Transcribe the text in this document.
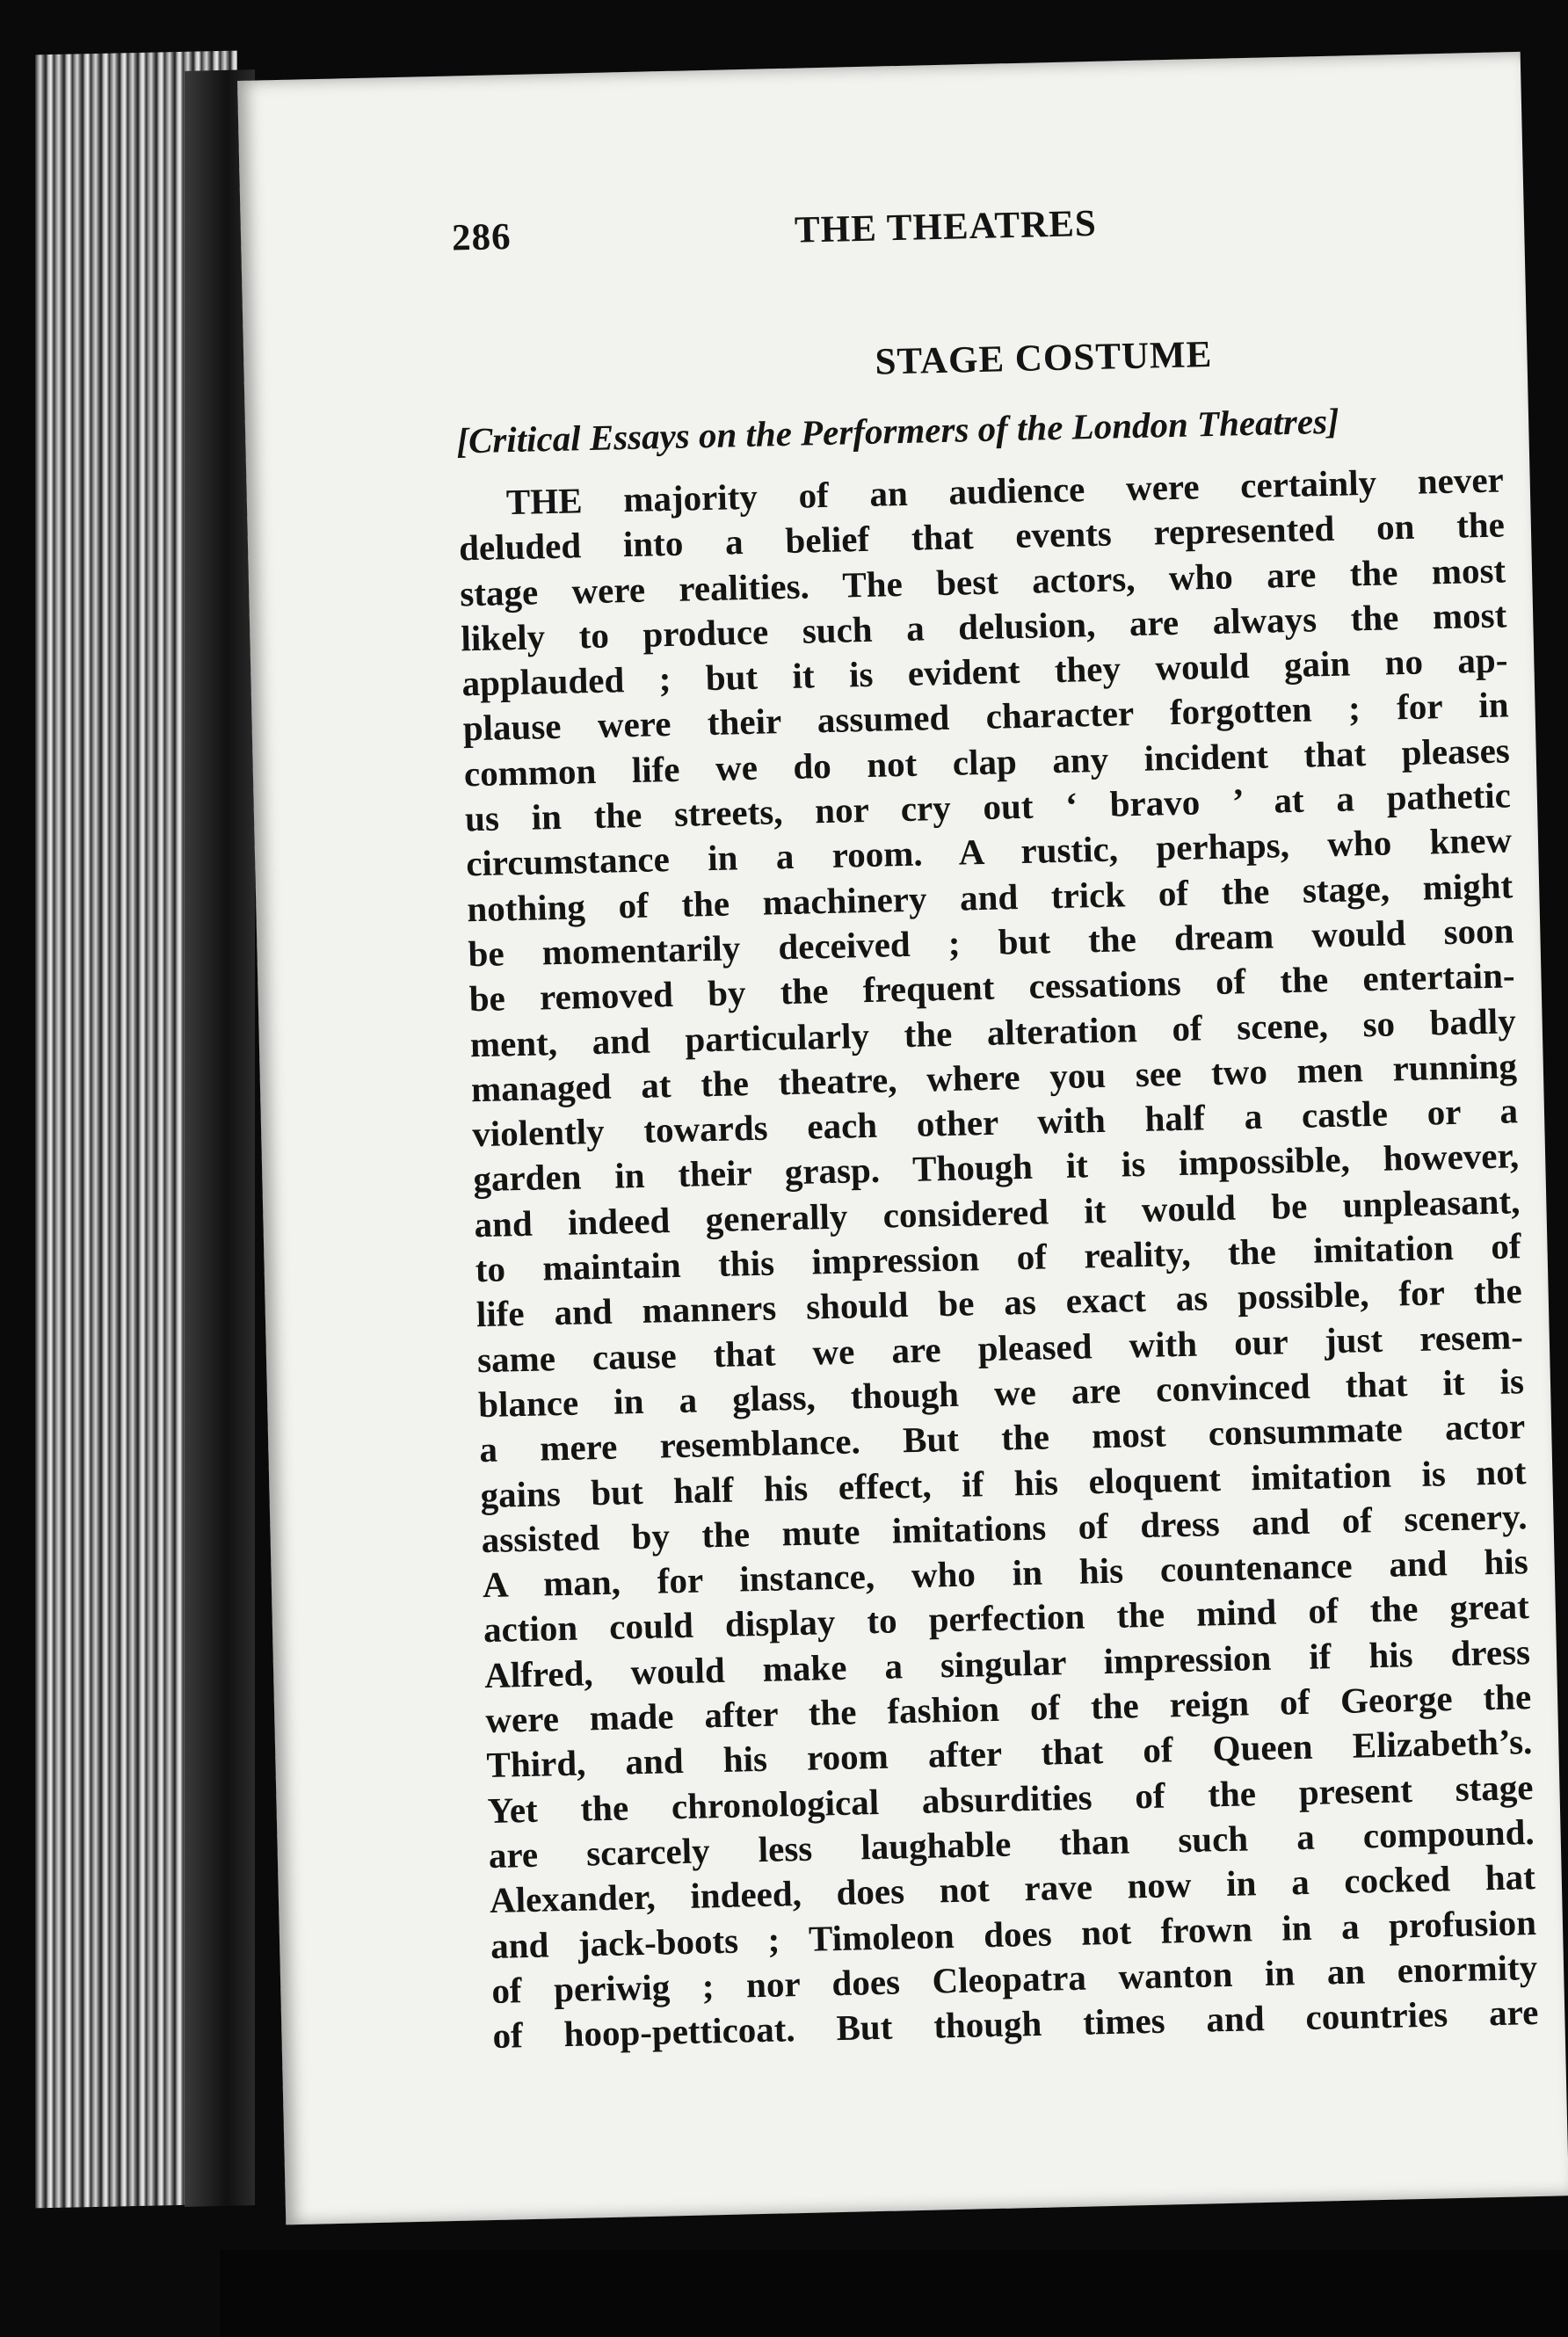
286	THE THEATRES
STAGE COSTUME
[Critical Essays on the Performers of the London Theatres]
THE majority of an audience were certainly never
deluded into a belief that events represented on the
stage were realities. The best actors, who are the most
likely to produce such a delusion, are always the most
applauded ; but it is evident they would gain no ap-
plause were their assumed character forgotten ; for in
common life we do not clap any incident that pleases
us in the streets, nor cry out ‘ bravo ’ at a pathetic
circumstance in a room. A rustic, perhaps, who knew
nothing of the machinery and trick of the stage, might
be momentarily deceived ; but the dream would soon
be removed by the frequent cessations of the entertain-
ment, and particularly the alteration of scene, so badly
managed at the theatre, where you see two men running
violently towards each other with half a castle or a
garden in their grasp. Though it is impossible, however,
and indeed generally considered it would be unpleasant,
to maintain this impression of reality, the imitation of
life and manners should be as exact as possible, for the
same cause that we are pleased with our just resem-
blance in a glass, though we are convinced that it is
a mere resemblance. But the most consummate actor
gains but half his effect, if his eloquent imitation is not
assisted by the mute imitations of dress and of scenery.
A man, for instance, who in his countenance and his
action could display to perfection the mind of the great
Alfred, would make a singular impression if his dress
were made after the fashion of the reign of George the
Third, and his room after that of Queen Elizabeth’s.
Yet the chronological absurdities of the present stage
are scarcely less laughable than such a compound.
Alexander, indeed, does not rave now in a cocked hat
and jack-boots ; Timoleon does not frown in a profusion
of periwig ; nor does Cleopatra wanton in an enormity
of hoop-petticoat. But though times and countries are
